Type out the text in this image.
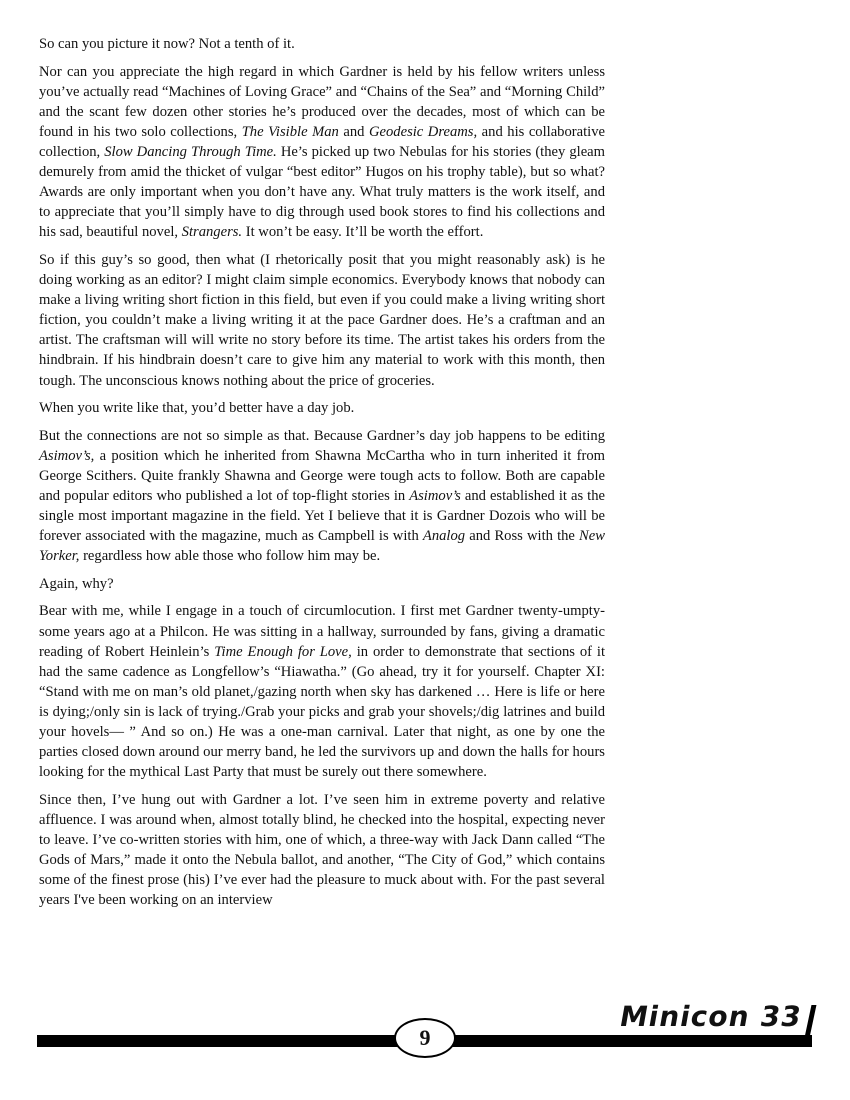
So can you picture it now? Not a tenth of it.

Nor can you appreciate the high regard in which Gardner is held by his fellow writers unless you’ve actually read “Machines of Loving Grace” and “Chains of the Sea” and “Morning Child” and the scant few dozen other stories he’s produced over the decades, most of which can be found in his two solo collections, The Visible Man and Geodesic Dreams, and his collaborative collection, Slow Dancing Through Time. He’s picked up two Nebulas for his stories (they gleam demurely from amid the thicket of vulgar “best editor” Hugos on his trophy table), but so what? Awards are only important when you don’t have any. What truly matters is the work itself, and to appreciate that you’ll simply have to dig through used book stores to find his collections and his sad, beautiful novel, Strangers. It won’t be easy. It’ll be worth the effort.

So if this guy’s so good, then what (I rhetorically posit that you might reasonably ask) is he doing working as an editor? I might claim simple economics. Everybody knows that nobody can make a living writing short fiction in this field, but even if you could make a living writing short fiction, you couldn’t make a living writing it at the pace Gardner does. He’s a craftman and an artist. The craftsman will will write no story before its time. The artist takes his orders from the hindbrain. If his hindbrain doesn’t care to give him any material to work with this month, then tough. The unconscious knows nothing about the price of groceries.

When you write like that, you’d better have a day job.

But the connections are not so simple as that. Because Gardner’s day job happens to be editing Asimov’s, a position which he inherited from Shawna McCartha who in turn inherited it from George Scithers. Quite frankly Shawna and George were tough acts to follow. Both are capable and popular editors who published a lot of top-flight stories in Asimov’s and established it as the single most important magazine in the field. Yet I believe that it is Gardner Dozois who will be forever associated with the magazine, much as Campbell is with Analog and Ross with the New Yorker, regardless how able those who follow him may be.

Again, why?

Bear with me, while I engage in a touch of circumlocution. I first met Gardner twenty-umpty-some years ago at a Philcon. He was sitting in a hallway, surrounded by fans, giving a dramatic reading of Robert Heinlein’s Time Enough for Love, in order to demonstrate that sections of it had the same cadence as Longfellow’s “Hiawatha.” (Go ahead, try it for yourself. Chapter XI: “Stand with me on man’s old planet,/gazing north when sky has darkened … Here is life or here is dying;/only sin is lack of trying./Grab your picks and grab your shovels;/dig latrines and build your hovels— ” And so on.) He was a one-man carnival. Later that night, as one by one the parties closed down around our merry band, he led the survivors up and down the halls for hours looking for the mythical Last Party that must be surely out there somewhere.

Since then, I’ve hung out with Gardner a lot. I’ve seen him in extreme poverty and relative affluence. I was around when, almost totally blind, he checked into the hospital, expecting never to leave. I’ve co-written stories with him, one of which, a three-way with Jack Dann called “The Gods of Mars,” made it onto the Nebula ballot, and another, “The City of God,” which contains some of the finest prose (his) I’ve ever had the pleasure to muck about with. For the past several years I've been working on an interview

9
Minicon 33
